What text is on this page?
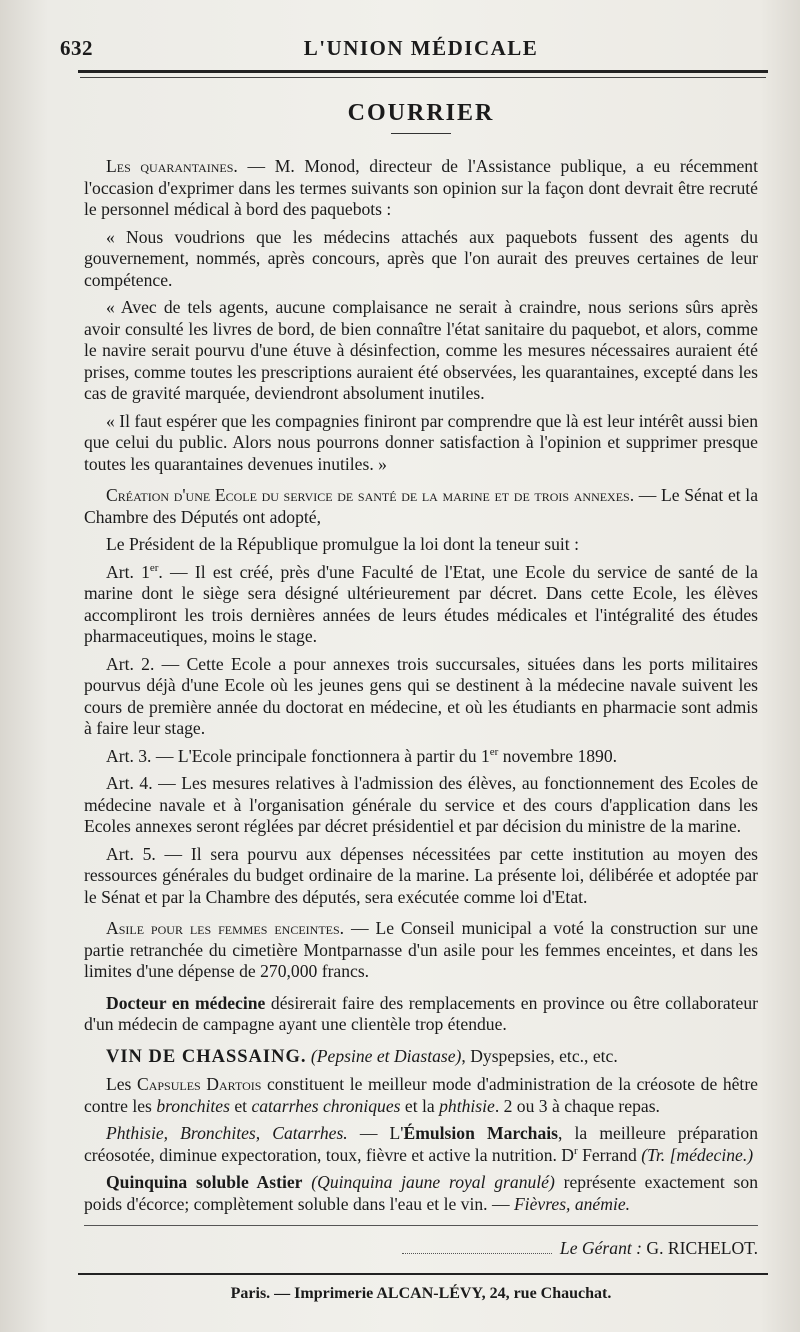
632	L'UNION MÉDICALE
COURRIER

Les quarantaines. — M. Monod, directeur de l'Assistance publique, a eu récemment l'occasion d'exprimer dans les termes suivants son opinion sur la façon dont devrait être recruté le personnel médical à bord des paquebots :

« Nous voudrions que les médecins attachés aux paquebots fussent des agents du gouvernement, nommés, après concours, après que l'on aurait des preuves certaines de leur compétence.

« Avec de tels agents, aucune complaisance ne serait à craindre, nous serions sûrs après avoir consulté les livres de bord, de bien connaître l'état sanitaire du paquebot, et alors, comme le navire serait pourvu d'une étuve à désinfection, comme les mesures nécessaires auraient été prises, comme toutes les prescriptions auraient été observées, les quarantaines, excepté dans les cas de gravité marquée, deviendront absolument inutiles.

« Il faut espérer que les compagnies finiront par comprendre que là est leur intérêt aussi bien que celui du public. Alors nous pourrons donner satisfaction à l'opinion et supprimer presque toutes les quarantaines devenues inutiles. »

Création d'une Ecole du service de santé de la marine et de trois annexes. — Le Sénat et la Chambre des Députés ont adopté,

Le Président de la République promulgue la loi dont la teneur suit :

Art. 1er. — Il est créé, près d'une Faculté de l'Etat, une Ecole du service de santé de la marine dont le siège sera désigné ultérieurement par décret. Dans cette Ecole, les élèves accompliront les trois dernières années de leurs études médicales et l'intégralité des études pharmaceutiques, moins le stage.

Art. 2. — Cette Ecole a pour annexes trois succursales, situées dans les ports militaires pourvus déjà d'une Ecole où les jeunes gens qui se destinent à la médecine navale suivent les cours de première année du doctorat en médecine, et où les étudiants en pharmacie sont admis à faire leur stage.

Art. 3. — L'Ecole principale fonctionnera à partir du 1er novembre 1890.

Art. 4. — Les mesures relatives à l'admission des élèves, au fonctionnement des Ecoles de médecine navale et à l'organisation générale du service et des cours d'application dans les Ecoles annexes seront réglées par décret présidentiel et par décision du ministre de la marine.

Art. 5. — Il sera pourvu aux dépenses nécessitées par cette institution au moyen des ressources générales du budget ordinaire de la marine. La présente loi, délibérée et adoptée par le Sénat et par la Chambre des députés, sera exécutée comme loi d'Etat.

Asile pour les femmes enceintes. — Le Conseil municipal a voté la construction sur une partie retranchée du cimetière Montparnasse d'un asile pour les femmes enceintes, et dans les limites d'une dépense de 270,000 francs.

Docteur en médecine désirerait faire des remplacements en province ou être collaborateur d'un médecin de campagne ayant une clientèle trop étendue.

VIN DE CHASSAING. (Pepsine et Diastase), Dyspepsies, etc., etc.

Les Capsules Dartois constituent le meilleur mode d'administration de la créosote de hêtre contre les bronchites et catarrhes chroniques et la phthisie. 2 ou 3 à chaque repas.

Phthisie, Bronchites, Catarrhes. — L'Émulsion Marchais, la meilleure préparation créosotée, diminue expectoration, toux, fièvre et active la nutrition. $D^r$ Ferrand (Tr. [médecine.)

Quinquina soluble Astier (Quinquina jaune royal granulé) représente exactement son poids d'écorce; complètement soluble dans l'eau et le vin. — Fièvres, anémie.

Le Gérant :
G. RICHELOT.
Paris. — Imprimerie ALCAN-LÉVY, 24, rue Chauchat.
